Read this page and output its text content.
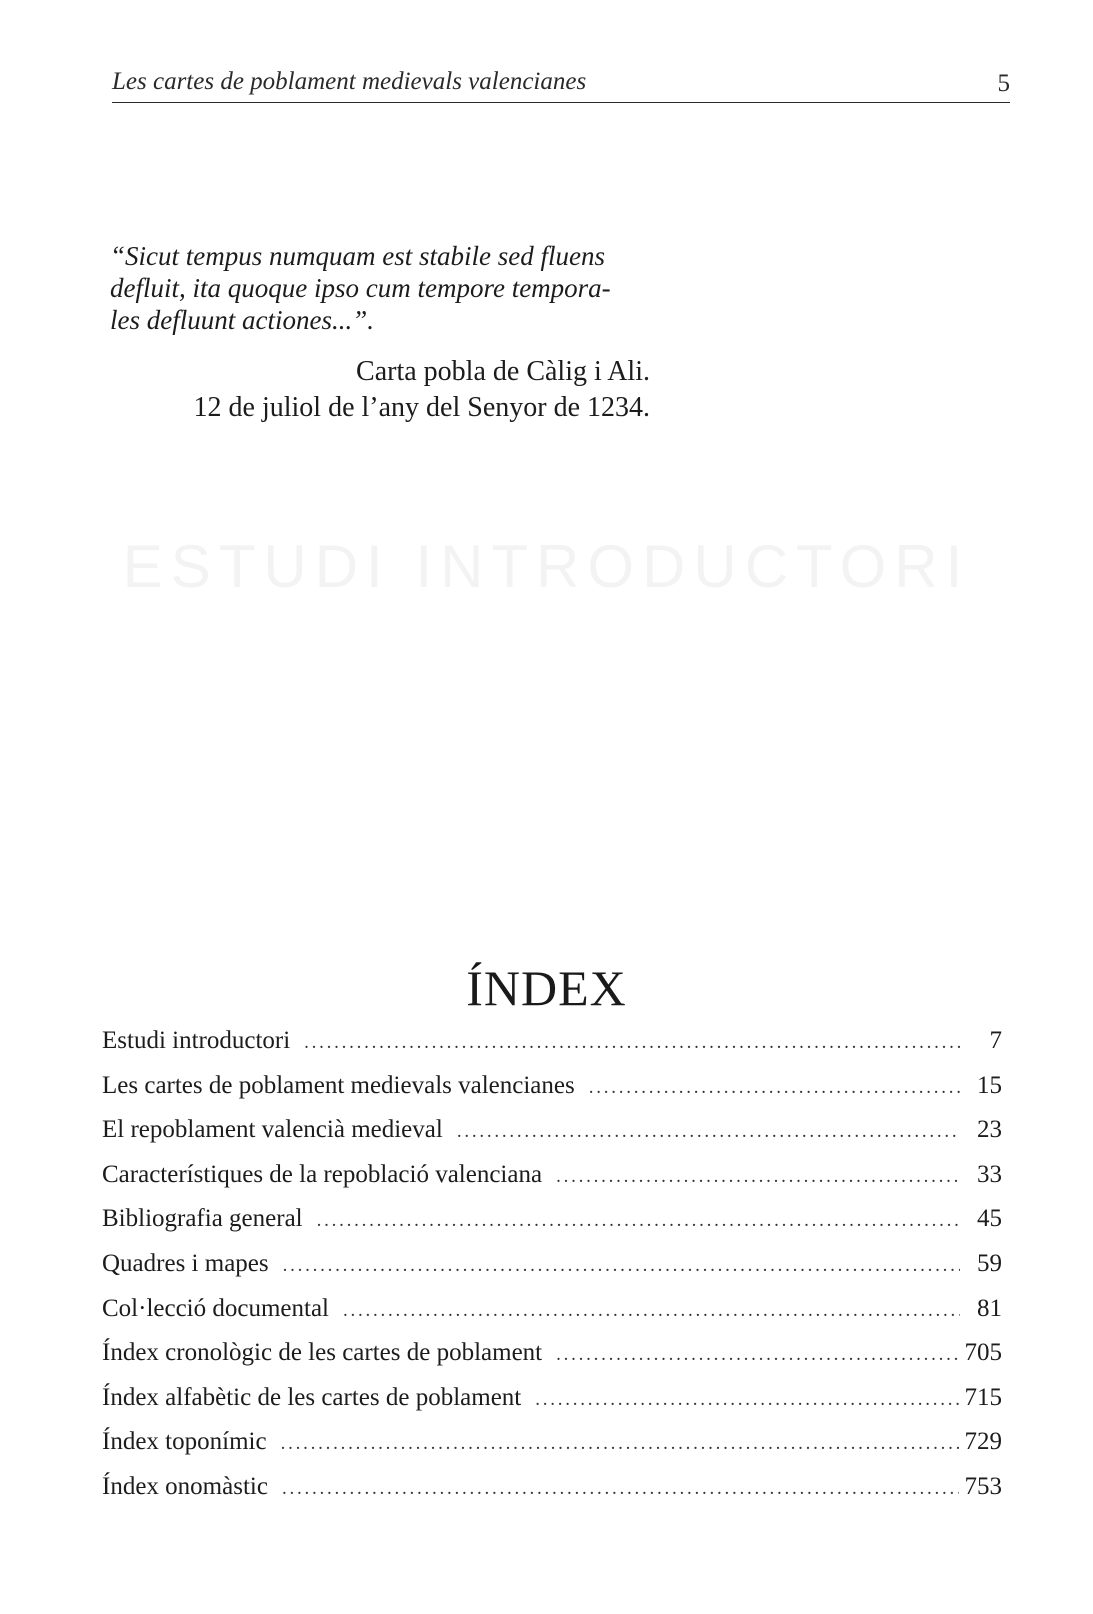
Les cartes de poblament medievals valencianes	5

“Sicut tempus numquam est stabile sed fluens
defluit, ita quoque ipso cum tempore tempora-
les defluunt actiones...”.

Carta pobla de Càlig i Ali.
12 de juliol de l’any del Senyor de 1234.
ESTUDI INTRODUCTORI
ÍNDEX
Estudi introductori . . .	7
Les cartes de poblament medievals valencianes . . .	15
El repoblament valencià medieval . . .	23
Característiques de la repoblació valenciana . . .	33
Bibliografia general . . .	45
Quadres i mapes . . .	59
Col·lecció documental . . .	81
Índex cronològic de les cartes de poblament . . .	705
Índex alfabètic de les cartes de poblament . . .	715
Índex toponímic . . .	729
Índex onomàstic . . .	753
